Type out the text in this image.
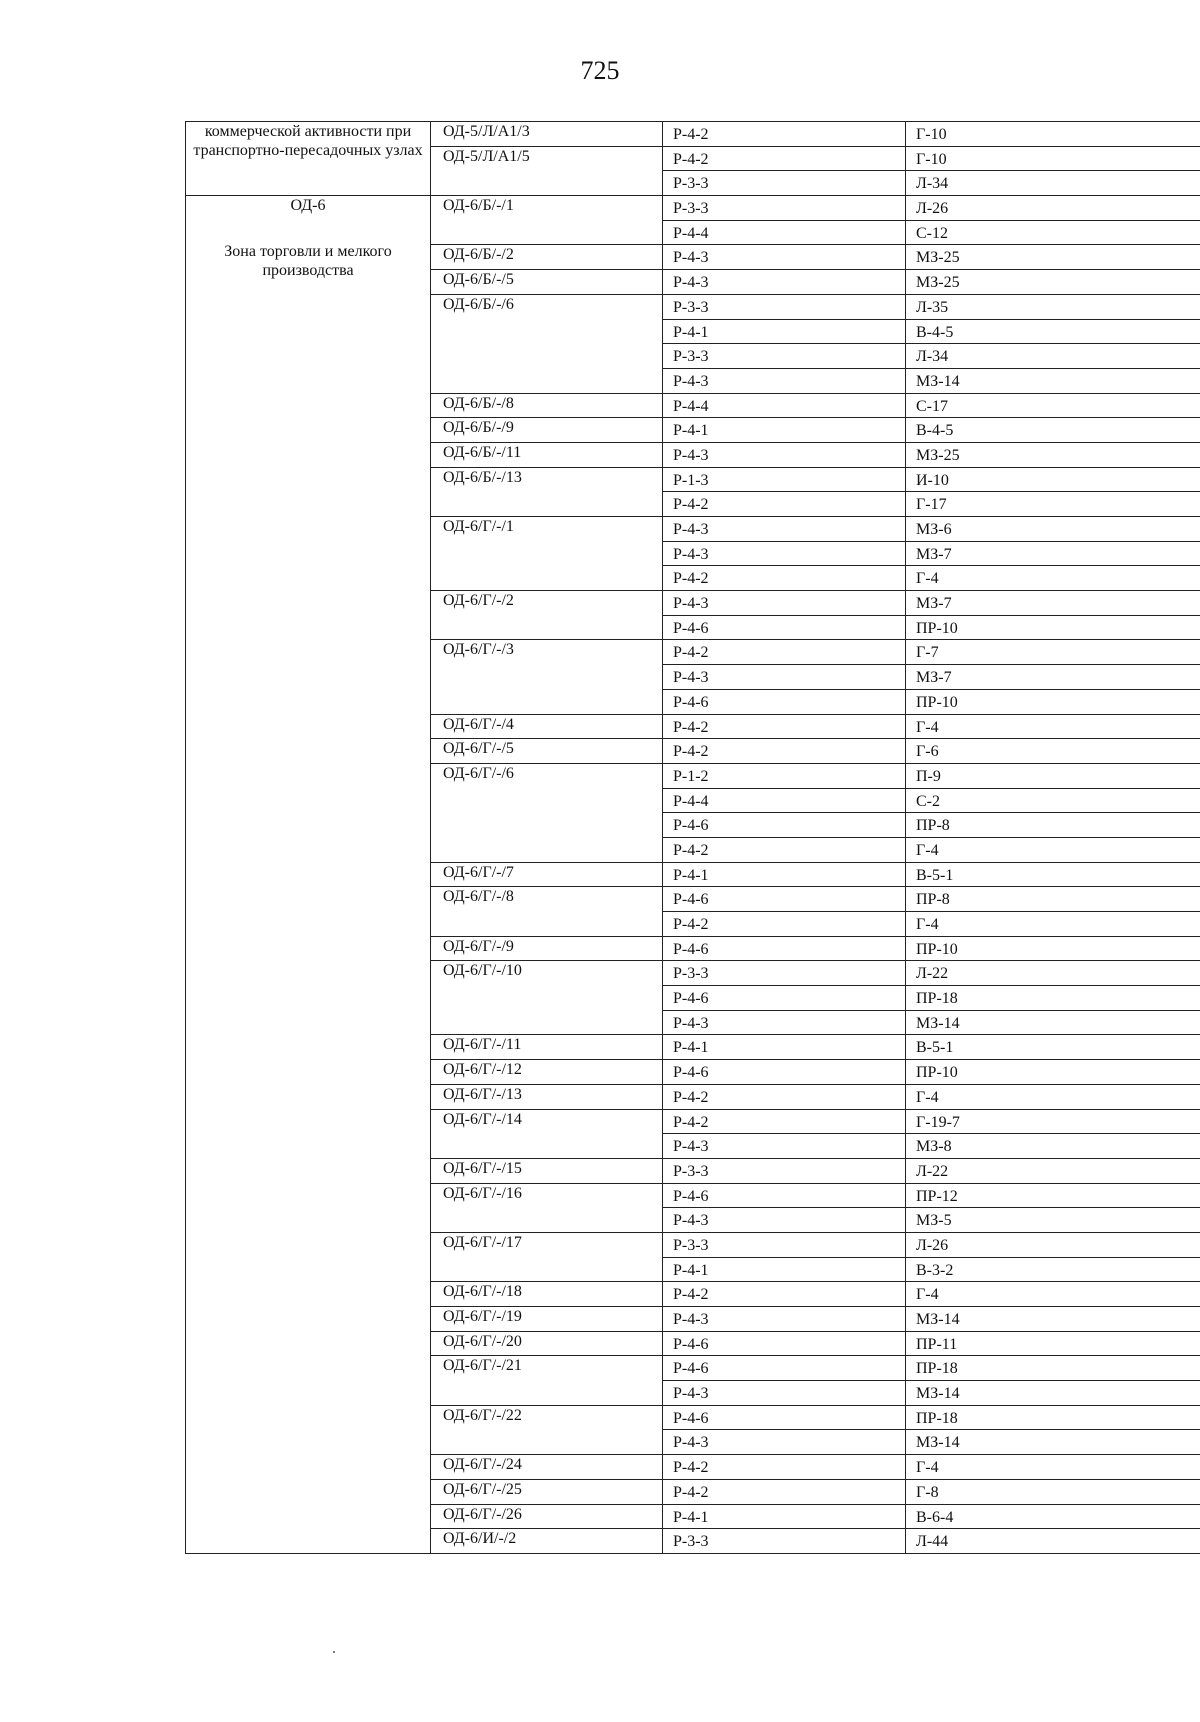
725
коммерческой активности при транспортно-пересадочных узлах	ОД-5/Л/А1/3	Р-4-2	Г-10
	ОД-5/Л/А1/5	Р-4-2	Г-10
		Р-3-3	Л-34

ОД-6
Зона торговли и мелкого производства	ОД-6/Б/-/1	Р-3-3	Л-26
		Р-4-4	С-12
	ОД-6/Б/-/2	Р-4-3	МЗ-25
	ОД-6/Б/-/5	Р-4-3	МЗ-25
	ОД-6/Б/-/6	Р-3-3	Л-35
		Р-4-1	В-4-5
		Р-3-3	Л-34
		Р-4-3	МЗ-14
	ОД-6/Б/-/8	Р-4-4	С-17
	ОД-6/Б/-/9	Р-4-1	В-4-5
	ОД-6/Б/-/11	Р-4-3	МЗ-25
	ОД-6/Б/-/13	Р-1-3	И-10
		Р-4-2	Г-17
	ОД-6/Г/-/1	Р-4-3	МЗ-6
		Р-4-3	МЗ-7
		Р-4-2	Г-4
	ОД-6/Г/-/2	Р-4-3	МЗ-7
		Р-4-6	ПР-10
	ОД-6/Г/-/3	Р-4-2	Г-7
		Р-4-3	МЗ-7
		Р-4-6	ПР-10
	ОД-6/Г/-/4	Р-4-2	Г-4
	ОД-6/Г/-/5	Р-4-2	Г-6
	ОД-6/Г/-/6	Р-1-2	П-9
		Р-4-4	С-2
		Р-4-6	ПР-8
		Р-4-2	Г-4
	ОД-6/Г/-/7	Р-4-1	В-5-1
	ОД-6/Г/-/8	Р-4-6	ПР-8
		Р-4-2	Г-4
	ОД-6/Г/-/9	Р-4-6	ПР-10
	ОД-6/Г/-/10	Р-3-3	Л-22
		Р-4-6	ПР-18
		Р-4-3	МЗ-14
	ОД-6/Г/-/11	Р-4-1	В-5-1
	ОД-6/Г/-/12	Р-4-6	ПР-10
	ОД-6/Г/-/13	Р-4-2	Г-4
	ОД-6/Г/-/14	Р-4-2	Г-19-7
		Р-4-3	МЗ-8
	ОД-6/Г/-/15	Р-3-3	Л-22
	ОД-6/Г/-/16	Р-4-6	ПР-12
		Р-4-3	МЗ-5
	ОД-6/Г/-/17	Р-3-3	Л-26
		Р-4-1	В-3-2
	ОД-6/Г/-/18	Р-4-2	Г-4
	ОД-6/Г/-/19	Р-4-3	МЗ-14
	ОД-6/Г/-/20	Р-4-6	ПР-11
	ОД-6/Г/-/21	Р-4-6	ПР-18
		Р-4-3	МЗ-14
	ОД-6/Г/-/22	Р-4-6	ПР-18
		Р-4-3	МЗ-14
	ОД-6/Г/-/24	Р-4-2	Г-4
	ОД-6/Г/-/25	Р-4-2	Г-8
	ОД-6/Г/-/26	Р-4-1	В-6-4
	ОД-6/И/-/2	Р-3-3	Л-44
